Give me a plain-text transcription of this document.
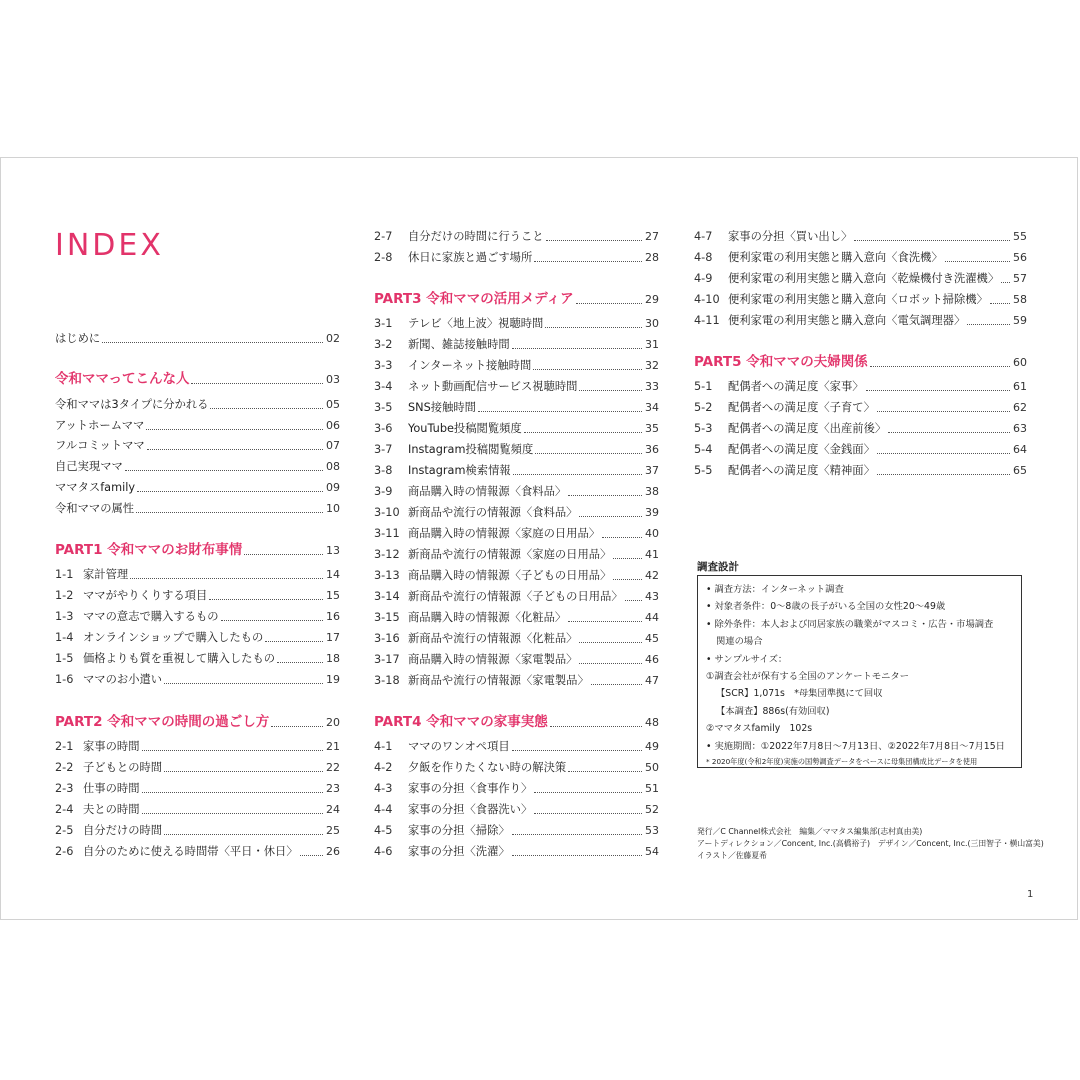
INDEX
調査設計
• 調査方法：インターネット調査
• 対象者条件：0～8歳の長子がいる全国の女性20～49歳
• 除外条件：本人および同居家族の職業がマスコミ・広告・市場調査
関連の場合
• サンプルサイズ：
①調査会社が保有する全国のアンケートモニター
【SCR】1,071s　*母集団準拠にて回収
【本調査】886s(有効回収)
②ママタスfamily　102s
• 実施期間：①2022年7月8日～7月13日、②2022年7月8日～7月15日
* 2020年度(令和2年度)実施の国勢調査データをベースに母集団構成比データを使用
発行／C Channel株式会社　編集／ママタス編集部(志村真由美)
アートディレクション／Concent, Inc.(高橋裕子)　デザイン／Concent, Inc.(三田智子・横山富美)
イラスト／佐藤夏希
1
はじめに	02
令和ママってこんな人	03
令和ママは3タイプに分かれる	05
アットホームママ	06
フルコミットママ	07
自己実現ママ	08
ママタスfamily	09
令和ママの属性	10
PART1 令和ママのお財布事情	13
1-1 家計管理	14
1-2 ママがやりくりする項目	15
1-3 ママの意志で購入するもの	16
1-4 オンラインショップで購入したもの	17
1-5 価格よりも質を重視して購入したもの	18
1-6 ママのお小遣い	19
PART2 令和ママの時間の過ごし方	20
2-1 家事の時間	21
2-2 子どもとの時間	22
2-3 仕事の時間	23
2-4 夫との時間	24
2-5 自分だけの時間	25
2-6 自分のために使える時間帯〈平日・休日〉	26
2-7	自分だけの時間に行うこと	27
2-8	休日に家族と過ごす場所	28
PART3 令和ママの活用メディア	29
3-1	テレビ〈地上波〉視聴時間	30
3-2	新聞、雑誌接触時間	31
3-3	インターネット接触時間	32
3-4	ネット動画配信サービス視聴時間	33
3-5	SNS接触時間	34
3-6	YouTube投稿閲覧頻度	35
3-7	Instagram投稿閲覧頻度	36
3-8	Instagram検索情報	37
3-9	商品購入時の情報源〈食料品〉	38
3-10 新商品や流行の情報源〈食料品〉	39
3-11 商品購入時の情報源〈家庭の日用品〉	40
3-12 新商品や流行の情報源〈家庭の日用品〉	41
3-13 商品購入時の情報源〈子どもの日用品〉	42
3-14 新商品や流行の情報源〈子どもの日用品〉 43
3-15 商品購入時の情報源〈化粧品〉	44
3-16 新商品や流行の情報源〈化粧品〉	45
3-17 商品購入時の情報源〈家電製品〉	46
3-18 新商品や流行の情報源〈家電製品〉	47
PART4 令和ママの家事実態	48
4-1	ママのワンオペ項目	49
4-2	夕飯を作りたくない時の解決策	50
4-3	家事の分担〈食事作り〉	51
4-4	家事の分担〈食器洗い〉	52
4-5	家事の分担〈掃除〉	53
4-6	家事の分担〈洗濯〉	54
4-7	家事の分担〈買い出し〉	55
4-8	便利家電の利用実態と購入意向〈食洗機〉	56
4-9	便利家電の利用実態と購入意向〈乾燥機付き洗濯機〉 57
4-10 便利家電の利用実態と購入意向〈ロボット掃除機〉 58
4-11 便利家電の利用実態と購入意向〈電気調理器〉	59
PART5 令和ママの夫婦関係	60
5-1	配偶者への満足度〈家事〉	61
5-2	配偶者への満足度〈子育て〉	62
5-3	配偶者への満足度〈出産前後〉	63
5-4	配偶者への満足度〈金銭面〉	64
5-5	配偶者への満足度〈精神面〉	65
